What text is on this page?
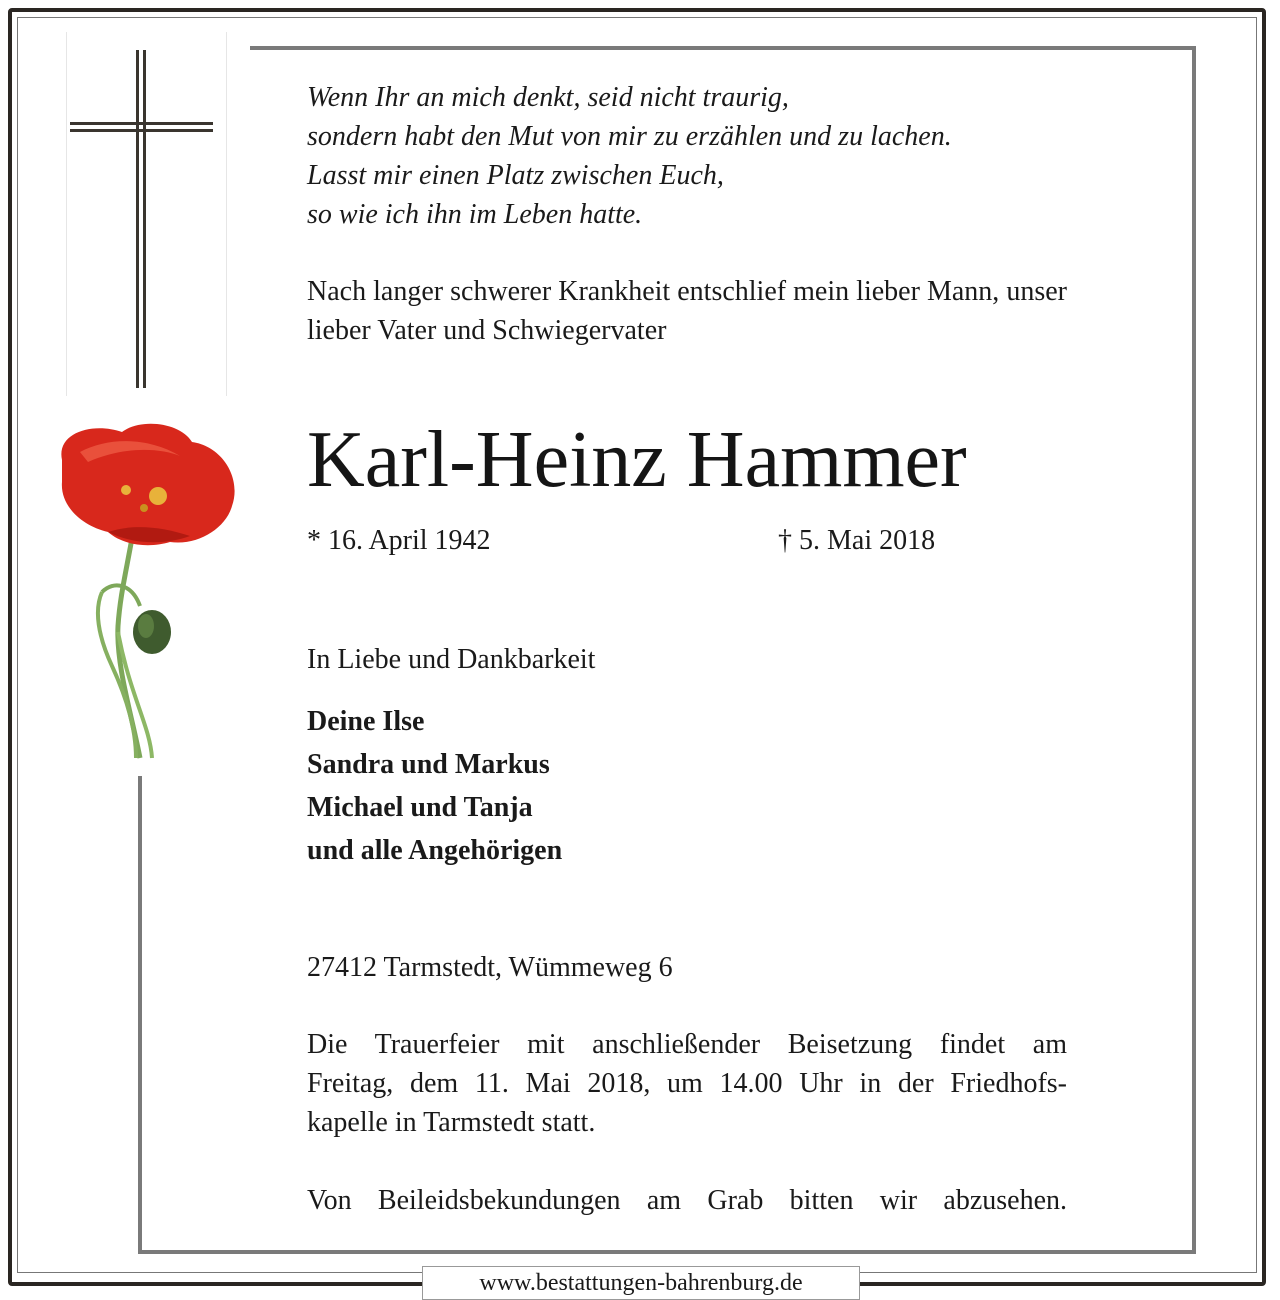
Wenn Ihr an mich denkt, seid nicht traurig,
sondern habt den Mut von mir zu erzählen und zu lachen.
Lasst mir einen Platz zwischen Euch,
so wie ich ihn im Leben hatte.
Nach langer schwerer Krankheit entschlief mein lieber Mann, unser lieber Vater und Schwiegervater
Karl-Heinz Hammer
* 16. April 1942	† 5. Mai 2018
In Liebe und Dankbarkeit
Deine Ilse
Sandra und Markus
Michael und Tanja
und alle Angehörigen
27412 Tarmstedt, Wümmeweg 6
Die Trauerfeier mit anschließender Beisetzung findet am
Freitag, dem 11. Mai 2018, um 14.00 Uhr in der Friedhofs-
kapelle in Tarmstedt statt.
Von Beileidsbekundungen am Grab bitten wir abzusehen.
www.bestattungen-bahrenburg.de
